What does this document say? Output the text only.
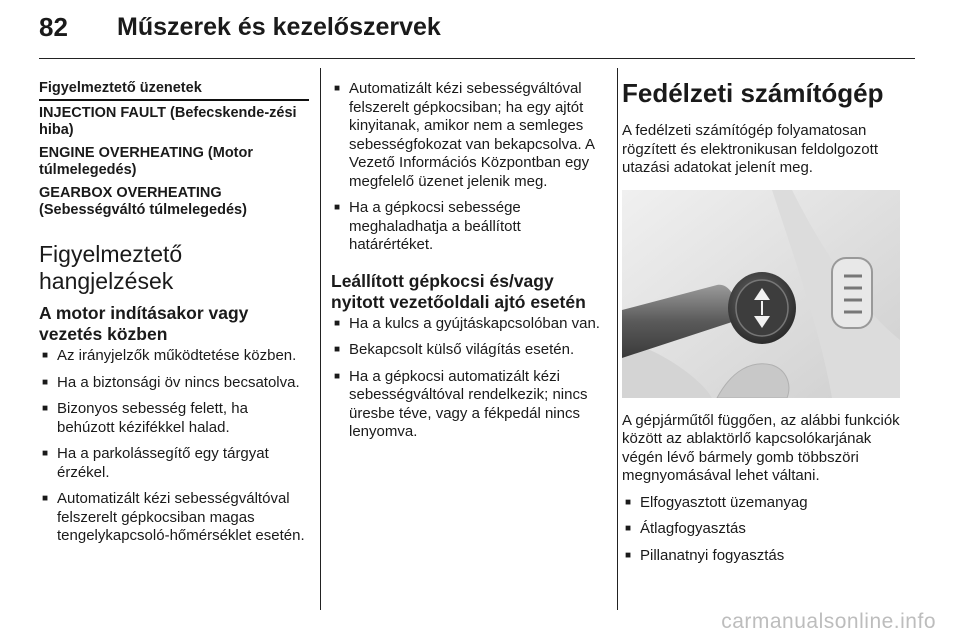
82 Műszerek és kezelőszervek
Figyelmeztető üzenetek
INJECTION FAULT (Befecskende-zési hiba)
ENGINE OVERHEATING (Motor túlmelegedés)
GEARBOX OVERHEATING (Sebességváltó túlmelegedés)
Figyelmeztető hangjelzések
A motor indításakor vagy vezetés közben
■ Az irányjelzők működtetése közben.
■ Ha a biztonsági öv nincs becsatolva.
■ Bizonyos sebesség felett, ha behúzott kézifékkel halad.
■ Ha a parkolássegítő egy tárgyat érzékel.
■ Automatizált kézi sebességváltóval felszerelt gépkocsiban magas tengelykapcsoló-hőmérséklet esetén.
■ Automatizált kézi sebességváltóval felszerelt gépkocsiban; ha egy ajtót kinyitanak, amikor nem a semleges sebességfokozat van bekapcsolva. A Vezető Információs Központban egy megfelelő üzenet jelenik meg.
■ Ha a gépkocsi sebessége meghaladhatja a beállított határértéket.
Leállított gépkocsi és/vagy nyitott vezetőoldali ajtó esetén
■ Ha a kulcs a gyújtáskapcsolóban van.
■ Bekapcsolt külső világítás esetén.
■ Ha a gépkocsi automatizált kézi sebességváltóval rendelkezik; nincs üresbe téve, vagy a fékpedál nincs lenyomva.
Fedélzeti számítógép

A fedélzeti számítógép folyamatosan rögzített és elektronikusan feldolgozott utazási adatokat jelenít meg.

A gépjárműtől függően, az alábbi funkciók között az ablaktörlő kapcsolókarjának végén lévő bármely gomb többszöri megnyomásával lehet váltani.

■ Elfogyasztott üzemanyag
■ Átlagfogyasztás
■ Pillanatnyi fogyasztás
carmanualsonline.info
